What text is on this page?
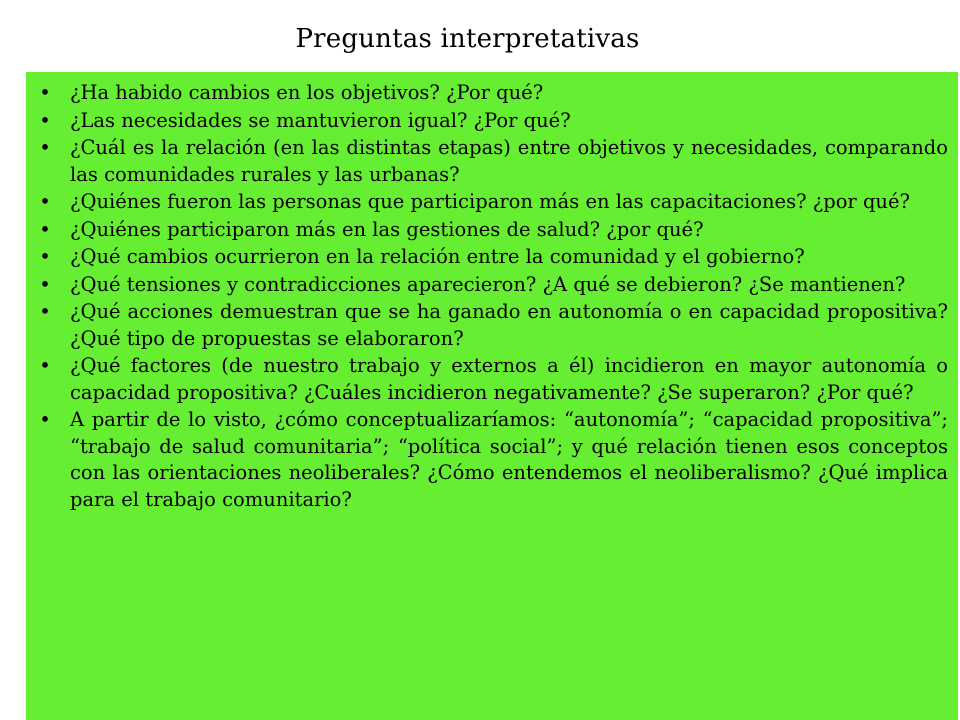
Preguntas interpretativas
• ¿Ha habido cambios en los objetivos? ¿Por qué?
• ¿Las necesidades se mantuvieron igual? ¿Por qué?
• ¿Cuál es la relación (en las distintas etapas) entre objetivos y necesidades, comparando las comunidades rurales y las urbanas?
• ¿Quiénes fueron las personas que participaron más en las capacitaciones? ¿por qué?
• ¿Quiénes participaron más en las gestiones de salud? ¿por qué?
• ¿Qué cambios ocurrieron en la relación entre la comunidad y el gobierno?
• ¿Qué tensiones y contradicciones aparecieron? ¿A qué se debieron? ¿Se mantienen?
• ¿Qué acciones demuestran que se ha ganado en autonomía o en capacidad propositiva? ¿Qué tipo de propuestas se elaboraron?
• ¿Qué factores (de nuestro trabajo y externos a él) incidieron en mayor autonomía o capacidad propositiva? ¿Cuáles incidieron negativamente? ¿Se superaron? ¿Por qué?
• A partir de lo visto, ¿cómo conceptualizaríamos: “autonomía”; “capacidad propositiva”; “trabajo de salud comunitaria”; “política social”; y qué relación tienen esos conceptos con las orientaciones neoliberales? ¿Cómo entendemos el neoliberalismo? ¿Qué implica para el trabajo comunitario?
